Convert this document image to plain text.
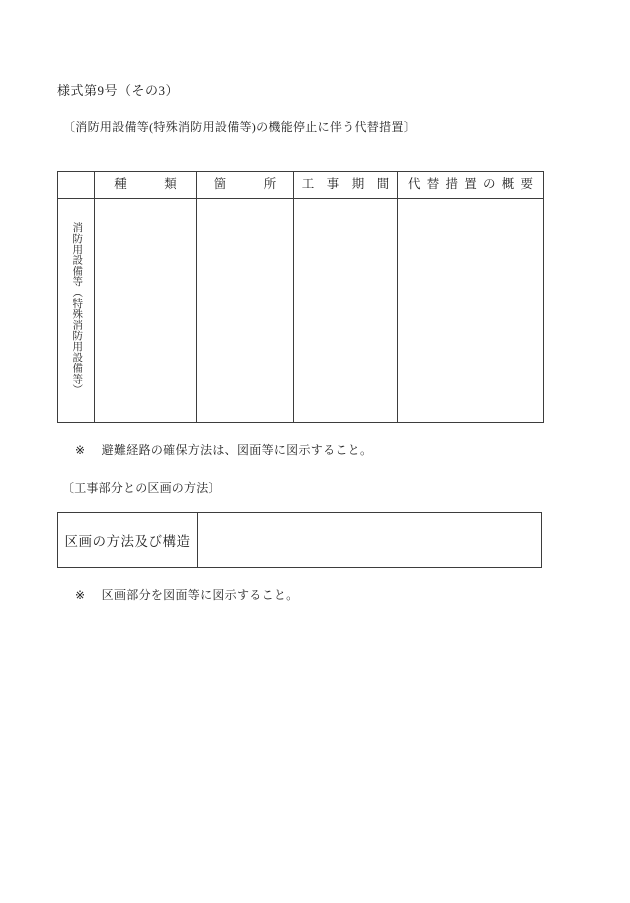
様式第9号（その3）
〔消防用設備等(特殊消防用設備等)の機能停止に伴う代替措置〕
	種　　　類	箇　　　所	工　事　期　間	代 替 措 置 の 概 要
消防用設備等（特殊消防用設備等）				
※ 避難経路の確保方法は、図面等に図示すること。
〔工事部分との区画の方法〕
区画の方法及び構造	
※ 区画部分を図面等に図示すること。
